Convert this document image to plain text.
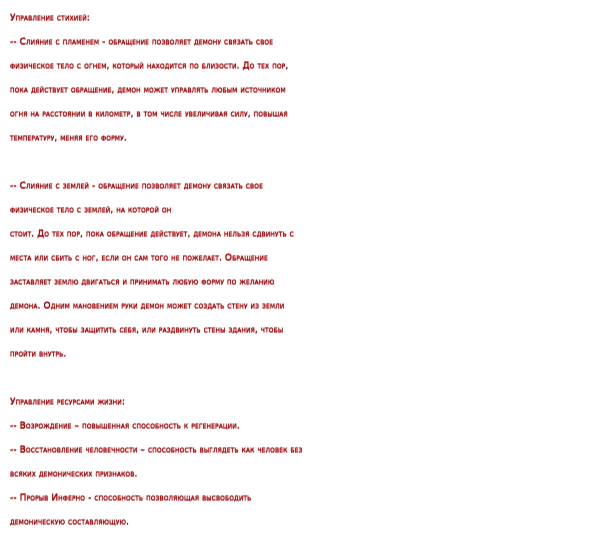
Управление стихией:
-- Слияние с пламенем - обращение позволяет демону связать свое
физическое тело с огнем, который находится по близости. До тех пор,
пока действует обращение, демон может управлять любым источником
огня на расстоянии в километр, в том числе увеличивая силу, повышая
температуру, меняя его форму.
-- Слияние с землей - обращение позволяет демону связать свое
физическое тело с землей, на которой он
стоит. До тех пор, пока обращение действует, демона нельзя сдвинуть с
места или сбить с ног, если он сам того не пожелает. Обращение
заставляет землю двигаться и принимать любую форму по желанию
демона. Одним мановением руки демон может создать стену из земли
или камня, чтобы защитить себя, или раздвинуть стены здания, чтобы
пройти внутрь.
Управление ресурсами жизни:
-- Возрождение – повышенная способность к регенерации.
-- Восстановление человечности – способность выглядеть как человек без
всяких демонических признаков.
-- Прорыв Инферно - способность позволяющая высвободить
демоническую составляющую.
